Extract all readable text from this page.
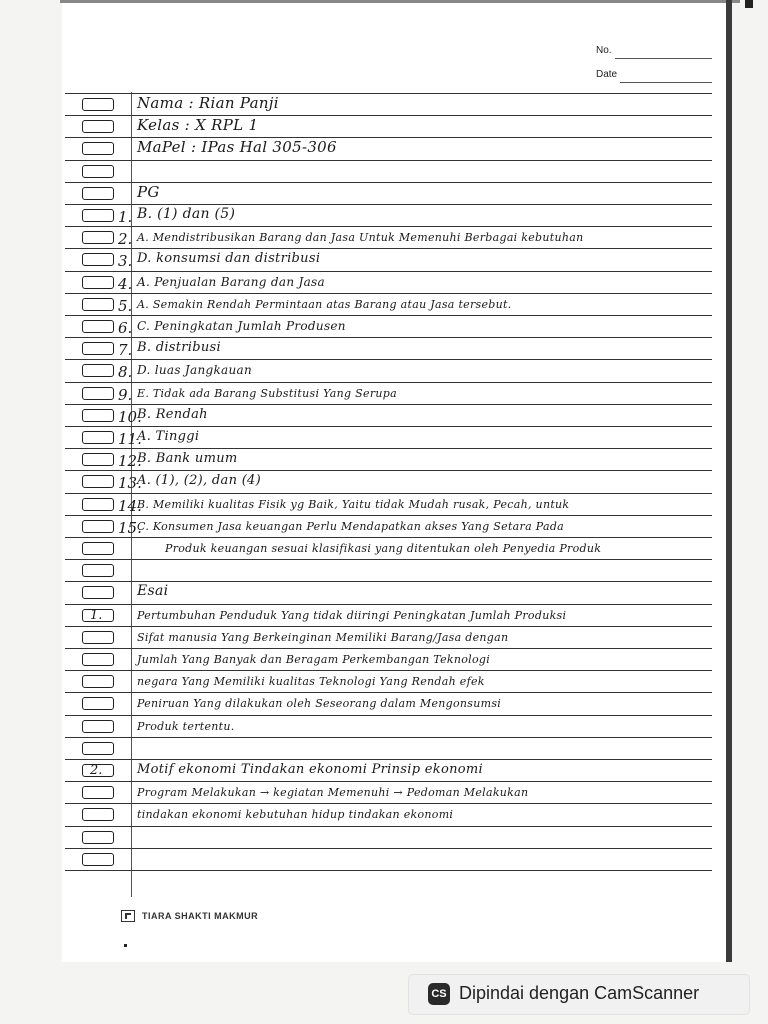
No.
Date
Nama : Rian Panji
Kelas : X RPL 1
MaPel : IPas Hal 305-306
PG
B. (1) dan (5)
A. Mendistribusikan Barang dan Jasa Untuk Memenuhi Berbagai kebutuhan
D. konsumsi dan distribusi
A. Penjualan Barang dan Jasa
A. Semakin Rendah Permintaan atas Barang atau Jasa tersebut.
C. Peningkatan Jumlah Produsen
B. distribusi
D. luas Jangkauan
E. Tidak ada Barang Substitusi Yang Serupa
B. Rendah
A. Tinggi
B. Bank umum
A. (1), (2), dan (4)
B. Memiliki kualitas Fisik yg Baik, Yaitu tidak Mudah rusak, Pecah, untuk
C. Konsumen Jasa keuangan Perlu Mendapatkan akses Yang Setara Pada
Produk keuangan sesuai klasifikasi yang ditentukan oleh Penyedia Produk
Esai
Pertumbuhan Penduduk Yang tidak diiringi Peningkatan Jumlah Produksi
Sifat manusia Yang Berkeinginan Memiliki Barang/Jasa dengan
Jumlah Yang Banyak dan Beragam Perkembangan Teknologi
negara Yang Memiliki kualitas Teknologi Yang Rendah efek
Peniruan Yang dilakukan oleh Seseorang dalam Mengonsumsi
Produk tertentu.
Motif ekonomi Tindakan ekonomi Prinsip ekonomi
Program Melakukan → kegiatan Memenuhi → Pedoman Melakukan
tindakan ekonomi kebutuhan hidup tindakan ekonomi
1.
2.
3.
4.
5.
6.
7.
8.
9.
10.
11.
12.
13.
14.
15.
1.
2.
TIARA SHAKTI MAKMUR
CS Dipindai dengan CamScanner
